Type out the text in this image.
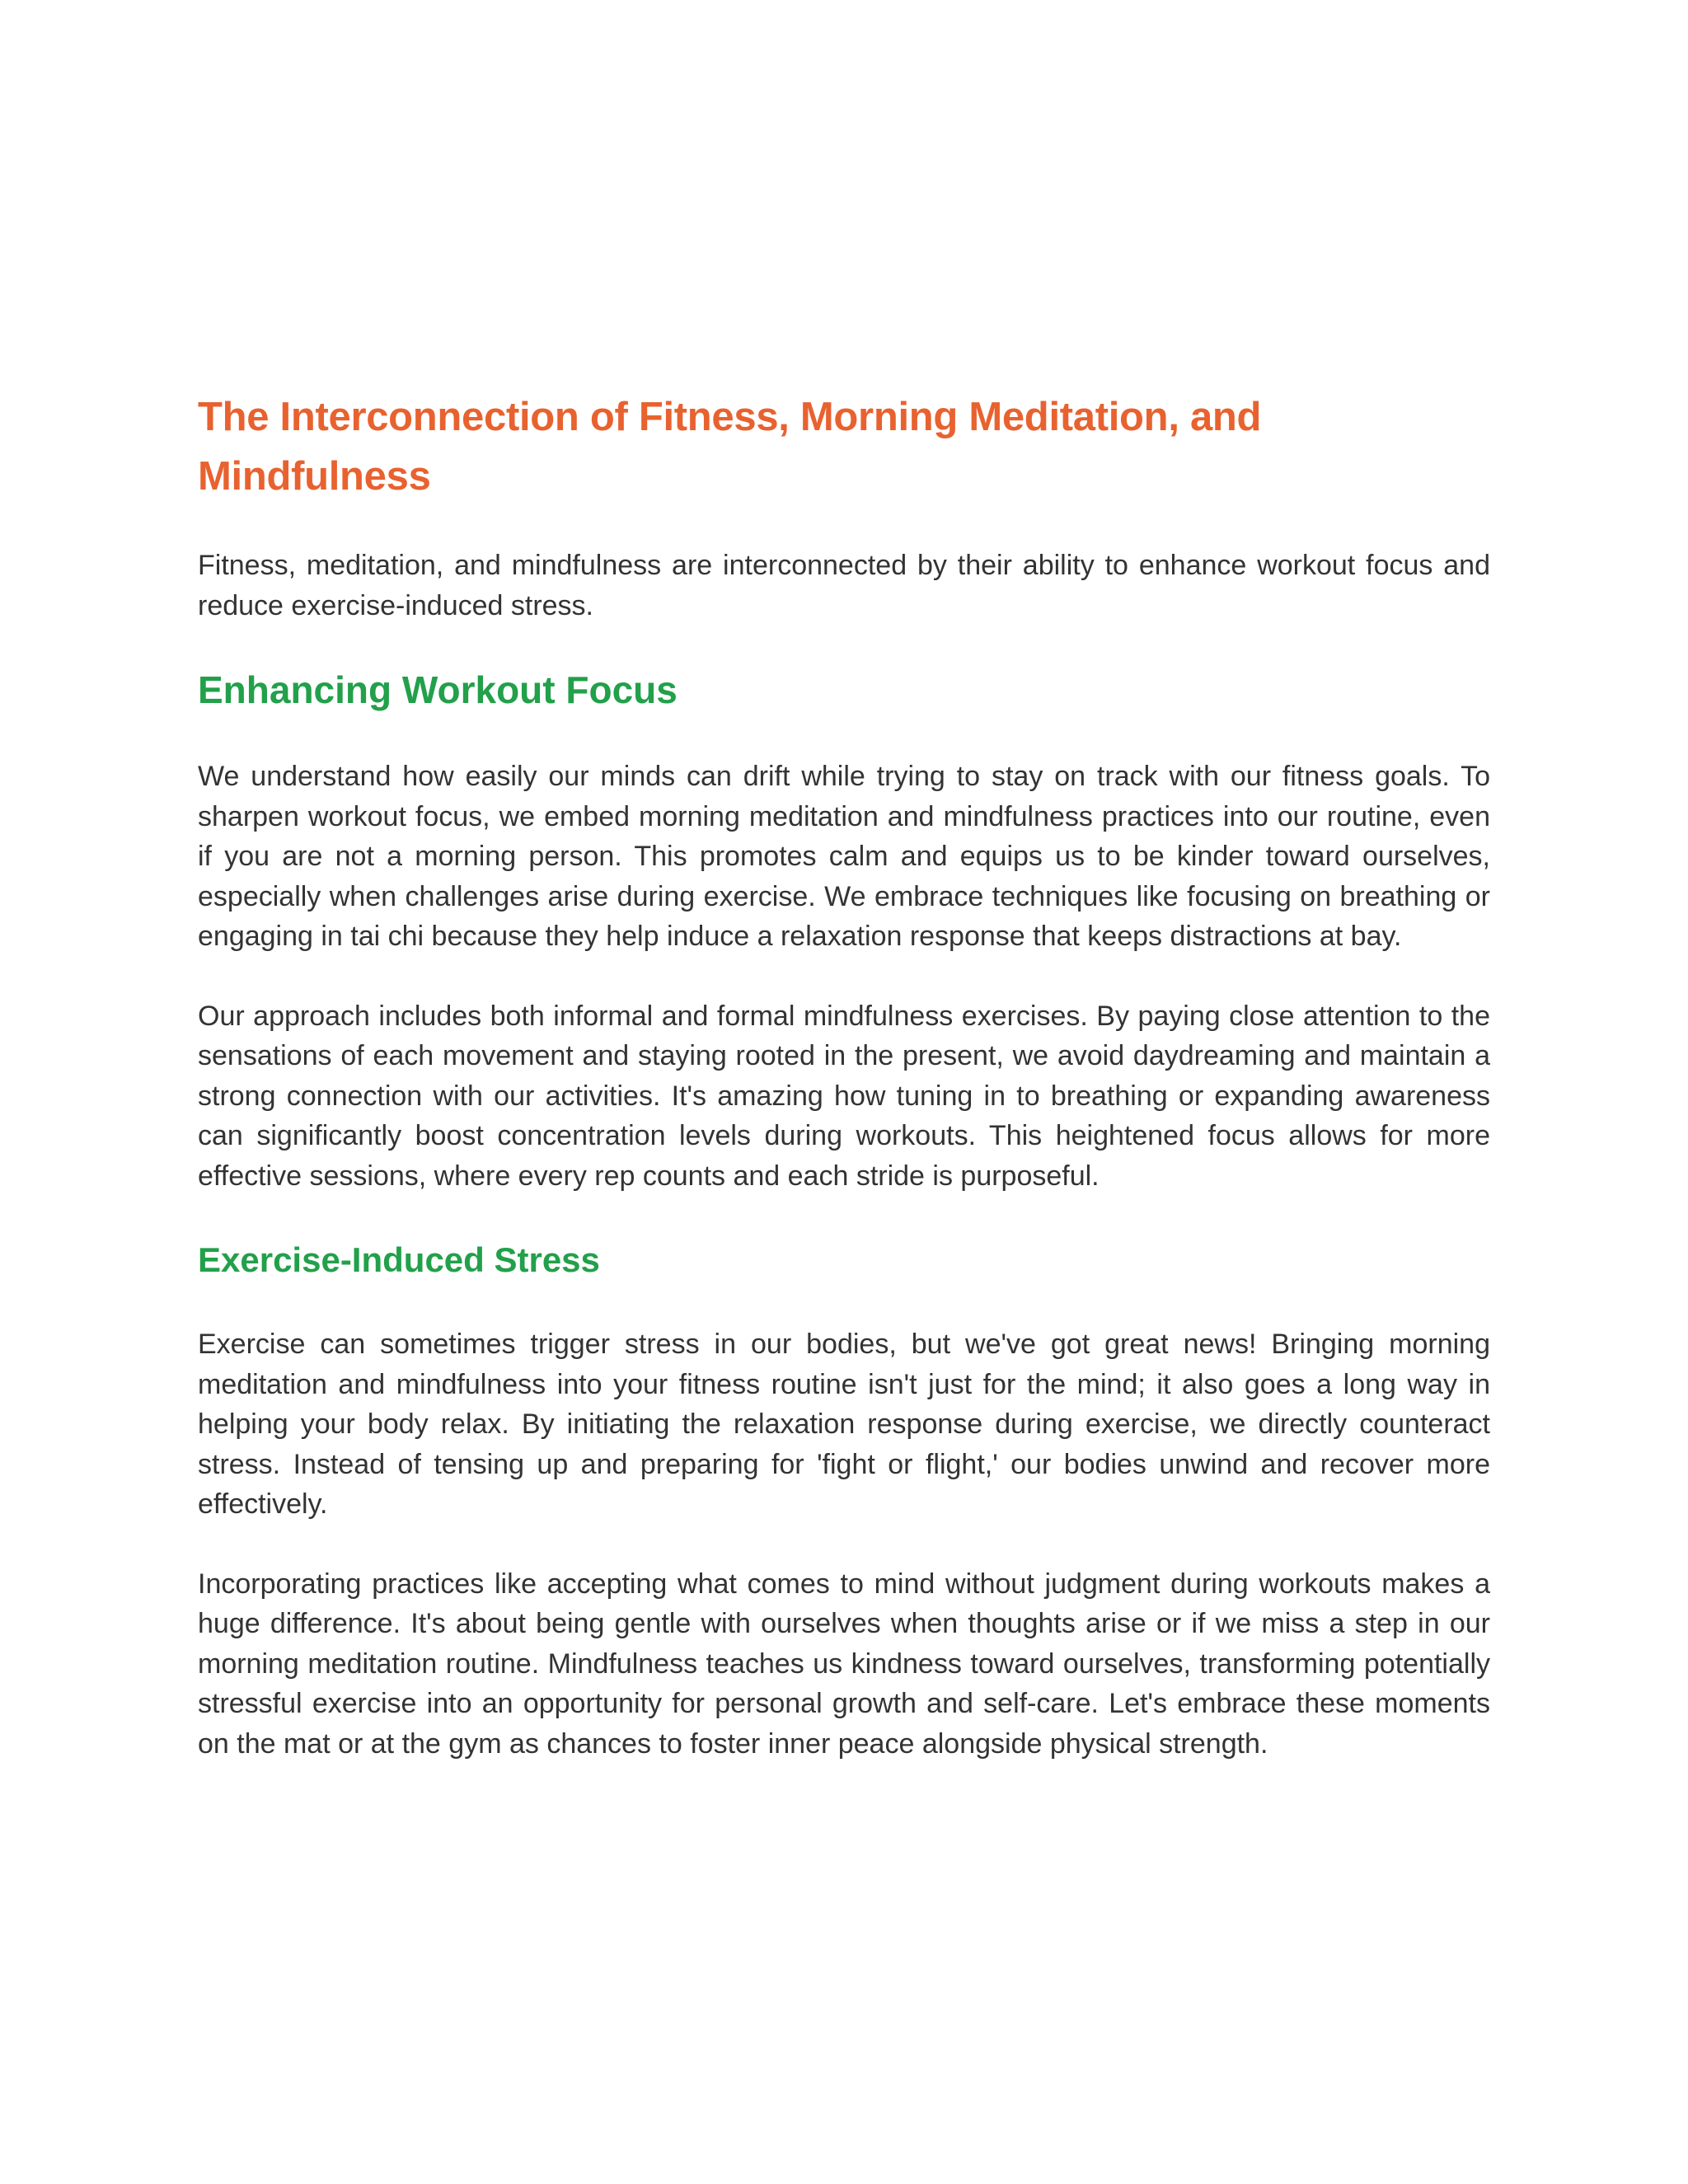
The Interconnection of Fitness, Morning Meditation, and Mindfulness

Fitness, meditation, and mindfulness are interconnected by their ability to enhance workout focus and reduce exercise-induced stress.

Enhancing Workout Focus

We understand how easily our minds can drift while trying to stay on track with our fitness goals. To sharpen workout focus, we embed morning meditation and mindfulness practices into our routine, even if you are not a morning person. This promotes calm and equips us to be kinder toward ourselves, especially when challenges arise during exercise. We embrace techniques like focusing on breathing or engaging in tai chi because they help induce a relaxation response that keeps distractions at bay.

Our approach includes both informal and formal mindfulness exercises. By paying close attention to the sensations of each movement and staying rooted in the present, we avoid daydreaming and maintain a strong connection with our activities. It's amazing how tuning in to breathing or expanding awareness can significantly boost concentration levels during workouts. This heightened focus allows for more effective sessions, where every rep counts and each stride is purposeful.

Exercise-Induced Stress

Exercise can sometimes trigger stress in our bodies, but we've got great news! Bringing morning meditation and mindfulness into your fitness routine isn't just for the mind; it also goes a long way in helping your body relax. By initiating the relaxation response during exercise, we directly counteract stress. Instead of tensing up and preparing for 'fight or flight,' our bodies unwind and recover more effectively.

Incorporating practices like accepting what comes to mind without judgment during workouts makes a huge difference. It's about being gentle with ourselves when thoughts arise or if we miss a step in our morning meditation routine. Mindfulness teaches us kindness toward ourselves, transforming potentially stressful exercise into an opportunity for personal growth and self-care. Let's embrace these moments on the mat or at the gym as chances to foster inner peace alongside physical strength.
